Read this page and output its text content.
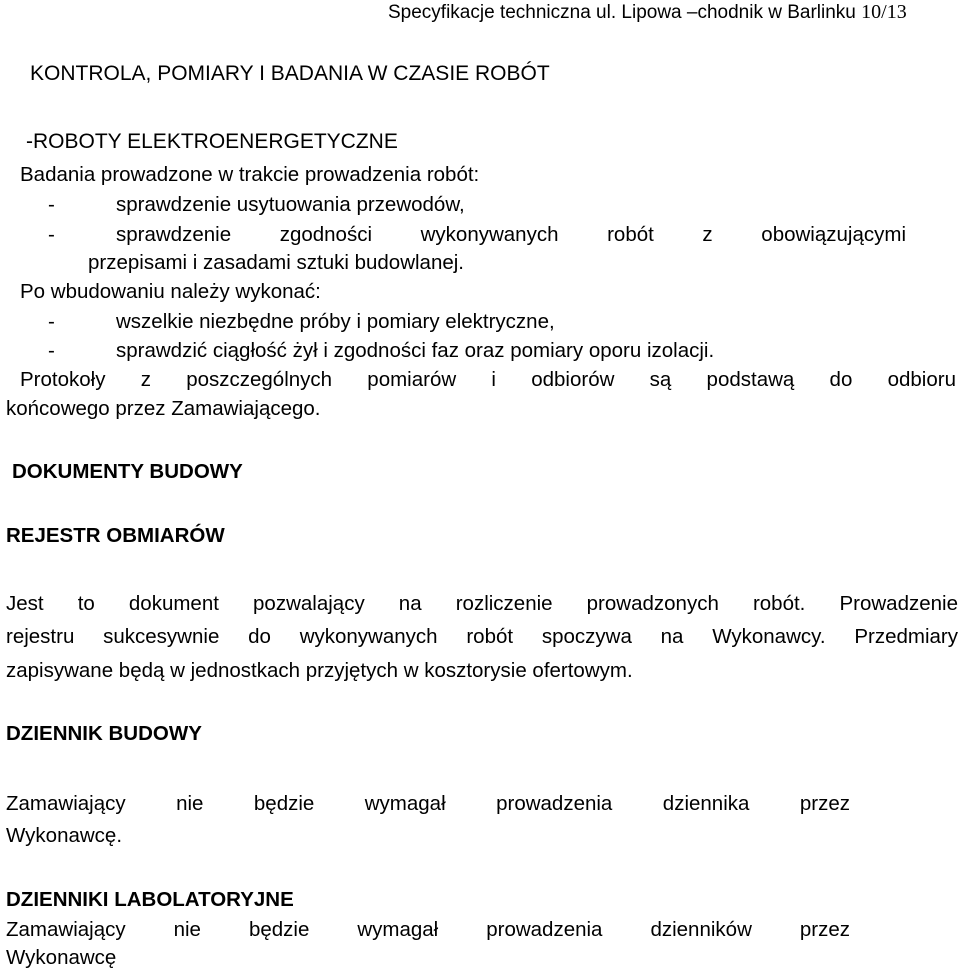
Specyfikacje techniczna ul. Lipowa –chodnik w Barlinku 10/13
KONTROLA, POMIARY I BADANIA W CZASIE ROBÓT
-ROBOTY ELEKTROENERGETYCZNE
Badania prowadzone w trakcie prowadzenia robót:
-	sprawdzenie usytuowania przewodów,
-	sprawdzenie zgodności wykonywanych robót z obowiązującymi
przepisami i zasadami sztuki budowlanej.
Po wbudowaniu należy wykonać:
-	wszelkie niezbędne próby i pomiary elektryczne,
-	sprawdzić ciągłość żył i zgodności faz oraz pomiary oporu izolacji.
Protokoły z poszczególnych pomiarów i odbiorów są podstawą do odbioru
końcowego przez Zamawiającego.
DOKUMENTY BUDOWY
REJESTR OBMIARÓW
Jest to dokument pozwalający na rozliczenie prowadzonych robót. Prowadzenie
rejestru sukcesywnie do wykonywanych robót spoczywa na Wykonawcy. Przedmiary
zapisywane będą w jednostkach przyjętych w kosztorysie ofertowym.
DZIENNIK BUDOWY
Zamawiający nie będzie wymagał prowadzenia dziennika przez
Wykonawcę.
DZIENNIKI LABOLATORYJNE
Zamawiający nie będzie wymagał prowadzenia dzienników przez
Wykonawcę
